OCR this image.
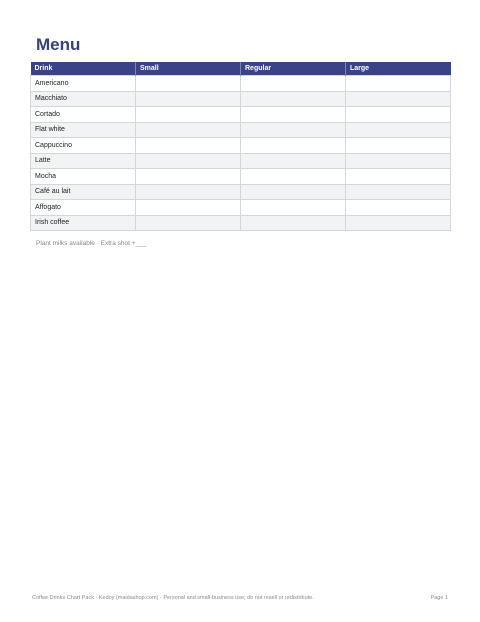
Menu
Drink	Small	Regular	Large
Americano			
Macchiato			
Cortado			
Flat white			
Cappuccino			
Latte			
Mocha			
Café au lait			
Affogato			
Irish coffee			
Plant milks available · Extra shot +___
Coffee Drinks Chart Pack · Kedoy (maidashop.com) · Personal and small-business use; do not resell or redistribute.	Page 1
